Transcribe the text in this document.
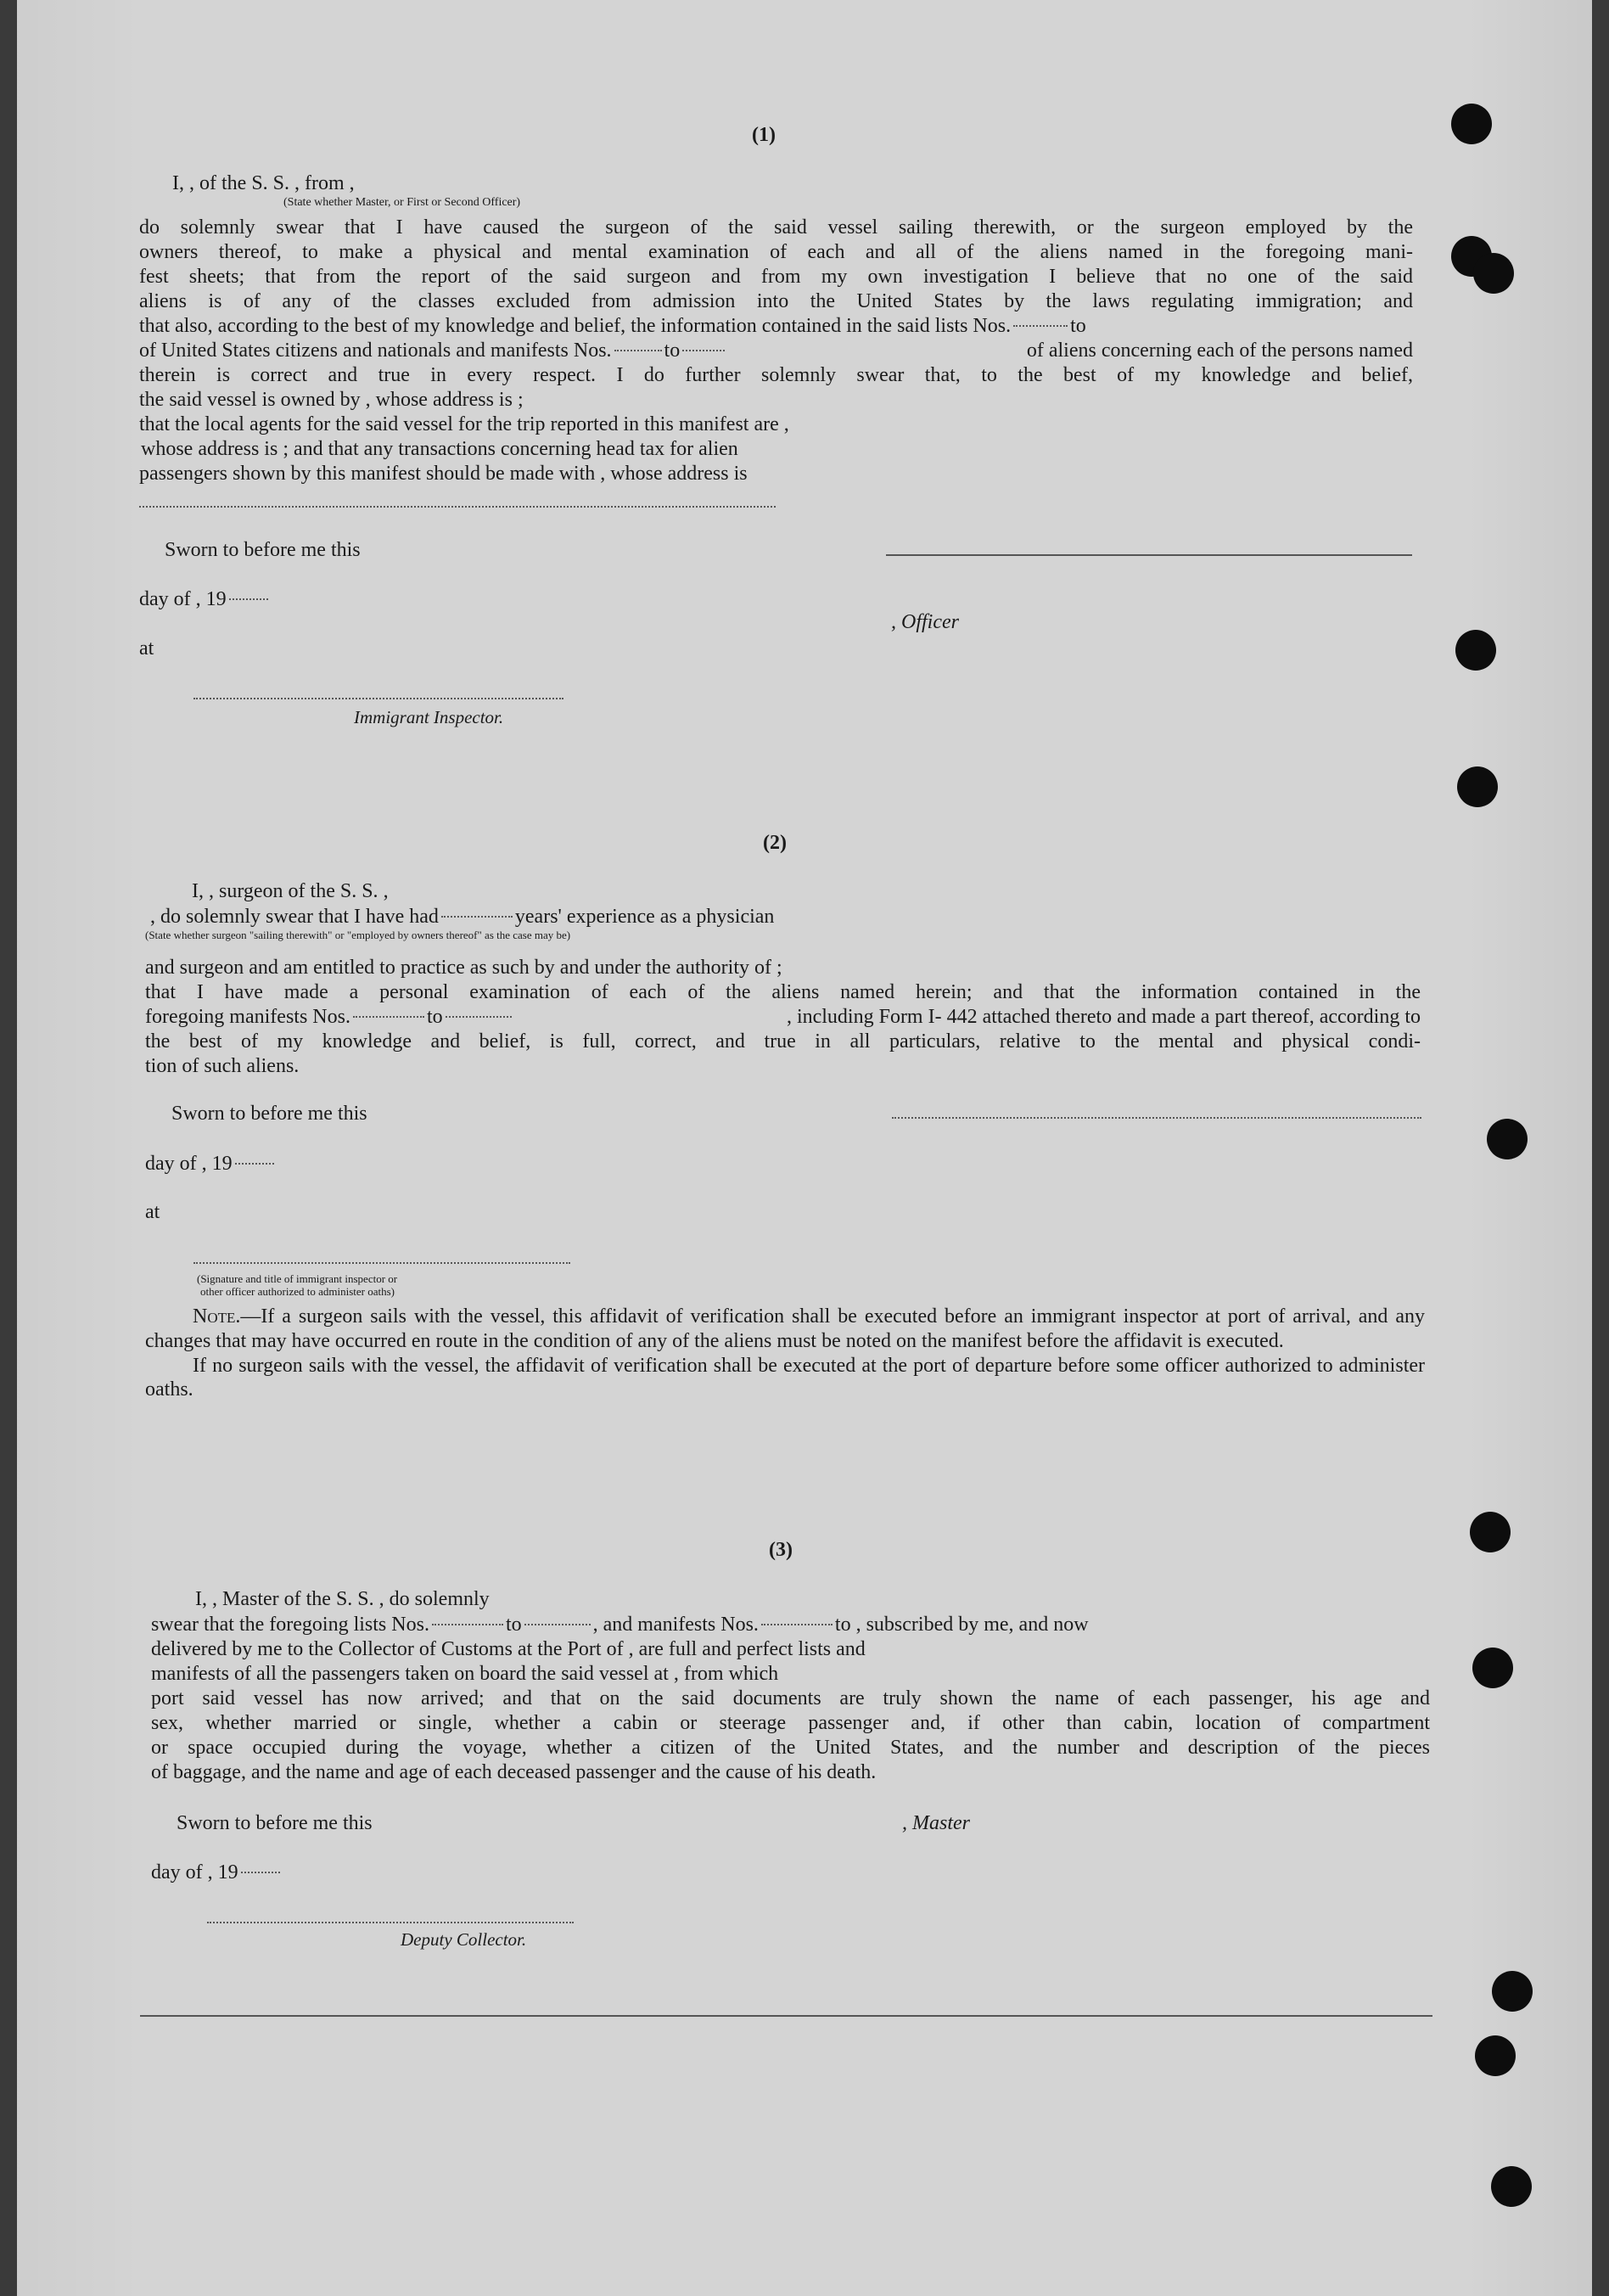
(1)
I, , of the S. S. , from ,
(State whether Master, or First or Second Officer)
do solemnly swear that I have caused the surgeon of the said vessel sailing therewith, or the surgeon employed by the
owners thereof, to make a physical and mental examination of each and all of the aliens named in the foregoing mani-
fest sheets; that from the report of the said surgeon and from my own investigation I believe that no one of the said
aliens is of any of the classes excluded from admission into the United States by the laws regulating immigration; and
that also, according to the best of my knowledge and belief, the information contained in the said lists Nos.	to
of United States citizens and nationals and manifests Nos.	to	of aliens concerning each of the persons named
therein is correct and true in every respect. I do further solemnly swear that, to the best of my knowledge and belief,
the said vessel is owned by , whose address is ;
that the local agents for the said vessel for the trip reported in this manifest are ,
whose address is ; and that any transactions concerning head tax for alien
passengers shown by this manifest should be made with , whose address is
Sworn to before me this
day of , 19
, Officer
at
Immigrant Inspector.
(2)
I, , surgeon of the S. S. ,
, do solemnly swear that I have had	years' experience as a physician
(State whether surgeon "sailing therewith" or "employed by owners thereof" as the case may be)
and surgeon and am entitled to practice as such by and under the authority of ;
that I have made a personal examination of each of the aliens named herein; and that the information contained in the
foregoing manifests Nos.	to	, including Form I- 442 attached thereto and made a part thereof, according to
the best of my knowledge and belief, is full, correct, and true in all particulars, relative to the mental and physical condi-
tion of such aliens.
Sworn to before me this
day of , 19
at
(Signature and title of immigrant inspector or
other officer authorized to administer oaths)

Note.—If a surgeon sails with the vessel, this affidavit of verification shall be executed before an immigrant inspector at port of arrival, and any changes that may have occurred en route in the condition of any of the aliens must be noted on the manifest before the affidavit is executed.

If no surgeon sails with the vessel, the affidavit of verification shall be executed at the port of departure before some officer authorized to administer oaths.

(3)
I, , Master of the S. S. , do solemnly
swear that the foregoing lists Nos.	to	, and manifests Nos.	to , subscribed by me, and now
delivered by me to the Collector of Customs at the Port of , are full and perfect lists and
manifests of all the passengers taken on board the said vessel at , from which
port said vessel has now arrived; and that on the said documents are truly shown the name of each passenger, his age and
sex, whether married or single, whether a cabin or steerage passenger and, if other than cabin, location of compartment
or space occupied during the voyage, whether a citizen of the United States, and the number and description of the pieces
of baggage, and the name and age of each deceased passenger and the cause of his death.
Sworn to before me this	, Master
day of , 19
Deputy Collector.
